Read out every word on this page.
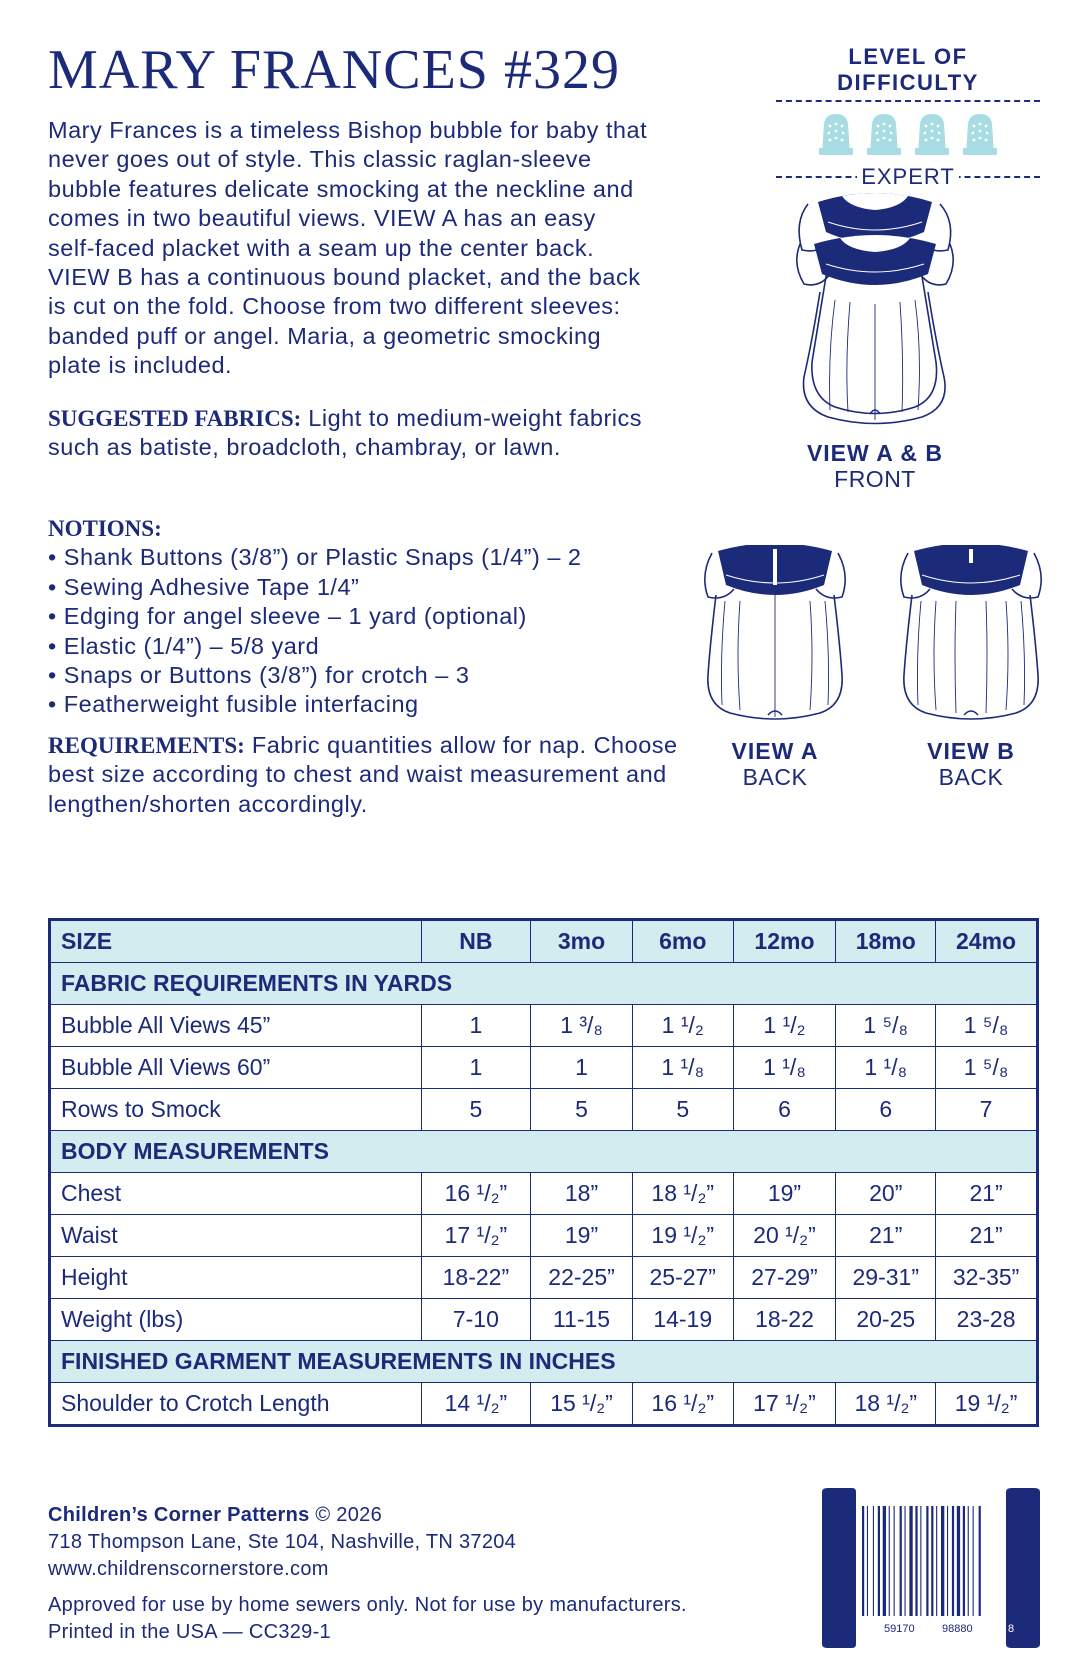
MARY FRANCES #329

Mary Frances is a timeless Bishop bubble for baby that never goes out of style. This classic raglan-sleeve bubble features delicate smocking at the neckline and comes in two beautiful views. VIEW A has an easy self-faced placket with a seam up the center back. VIEW B has a continuous bound placket, and the back is cut on the fold. Choose from two different sleeves: banded puff or angel. Maria, a geometric smocking plate is included.

SUGGESTED FABRICS: Light to medium-weight fabrics such as batiste, broadcloth, chambray, or lawn.
NOTIONS:
• Shank Buttons (3/8”) or Plastic Snaps (1/4”) – 2
• Sewing Adhesive Tape 1/4”
• Edging for angel sleeve – 1 yard (optional)
• Elastic (1/4”) – 5/8 yard
• Snaps or Buttons (3/8”) for crotch – 3
• Featherweight fusible interfacing
REQUIREMENTS: Fabric quantities allow for nap. Choose best size according to chest and waist measurement and lengthen/shorten accordingly.
LEVEL OF DIFFICULTY
EXPERT
VIEW A & B
FRONT
VIEW A
BACK
VIEW B
BACK
SIZE	NB	3mo	6mo	12mo	18mo	24mo
FABRIC REQUIREMENTS IN YARDS						
Bubble All Views 45”	1	1 ³/₈	1 ¹/₂	1 ¹/₂	1 ⁵/₈	1 ⁵/₈
Bubble All Views 60”	1	1	1 ¹/₈	1 ¹/₈	1 ¹/₈	1 ⁵/₈
Rows to Smock	5	5	5	6	6	7
BODY MEASUREMENTS						
Chest	16 ¹/₂”	18”	18 ¹/₂”	19”	20”	21”
Waist	17 ¹/₂”	19”	19 ¹/₂”	20 ¹/₂”	21”	21”
Height	18-22”	22-25”	25-27”	27-29”	29-31”	32-35”
Weight (lbs)	7-10	11-15	14-19	18-22	20-25	23-28
FINISHED GARMENT MEASUREMENTS IN INCHES						
Shoulder to Crotch Length	14 ¹/₂”	15 ¹/₂”	16 ¹/₂”	17 ¹/₂”	18 ¹/₂”	19 ¹/₂”
Children’s Corner Patterns © 2026
718 Thompson Lane, Ste 104, Nashville, TN 37204
www.childrenscornerstore.com
Approved for use by home sewers only. Not for use by manufacturers.
Printed in the USA — CC329-1	7	59170 98880	8
